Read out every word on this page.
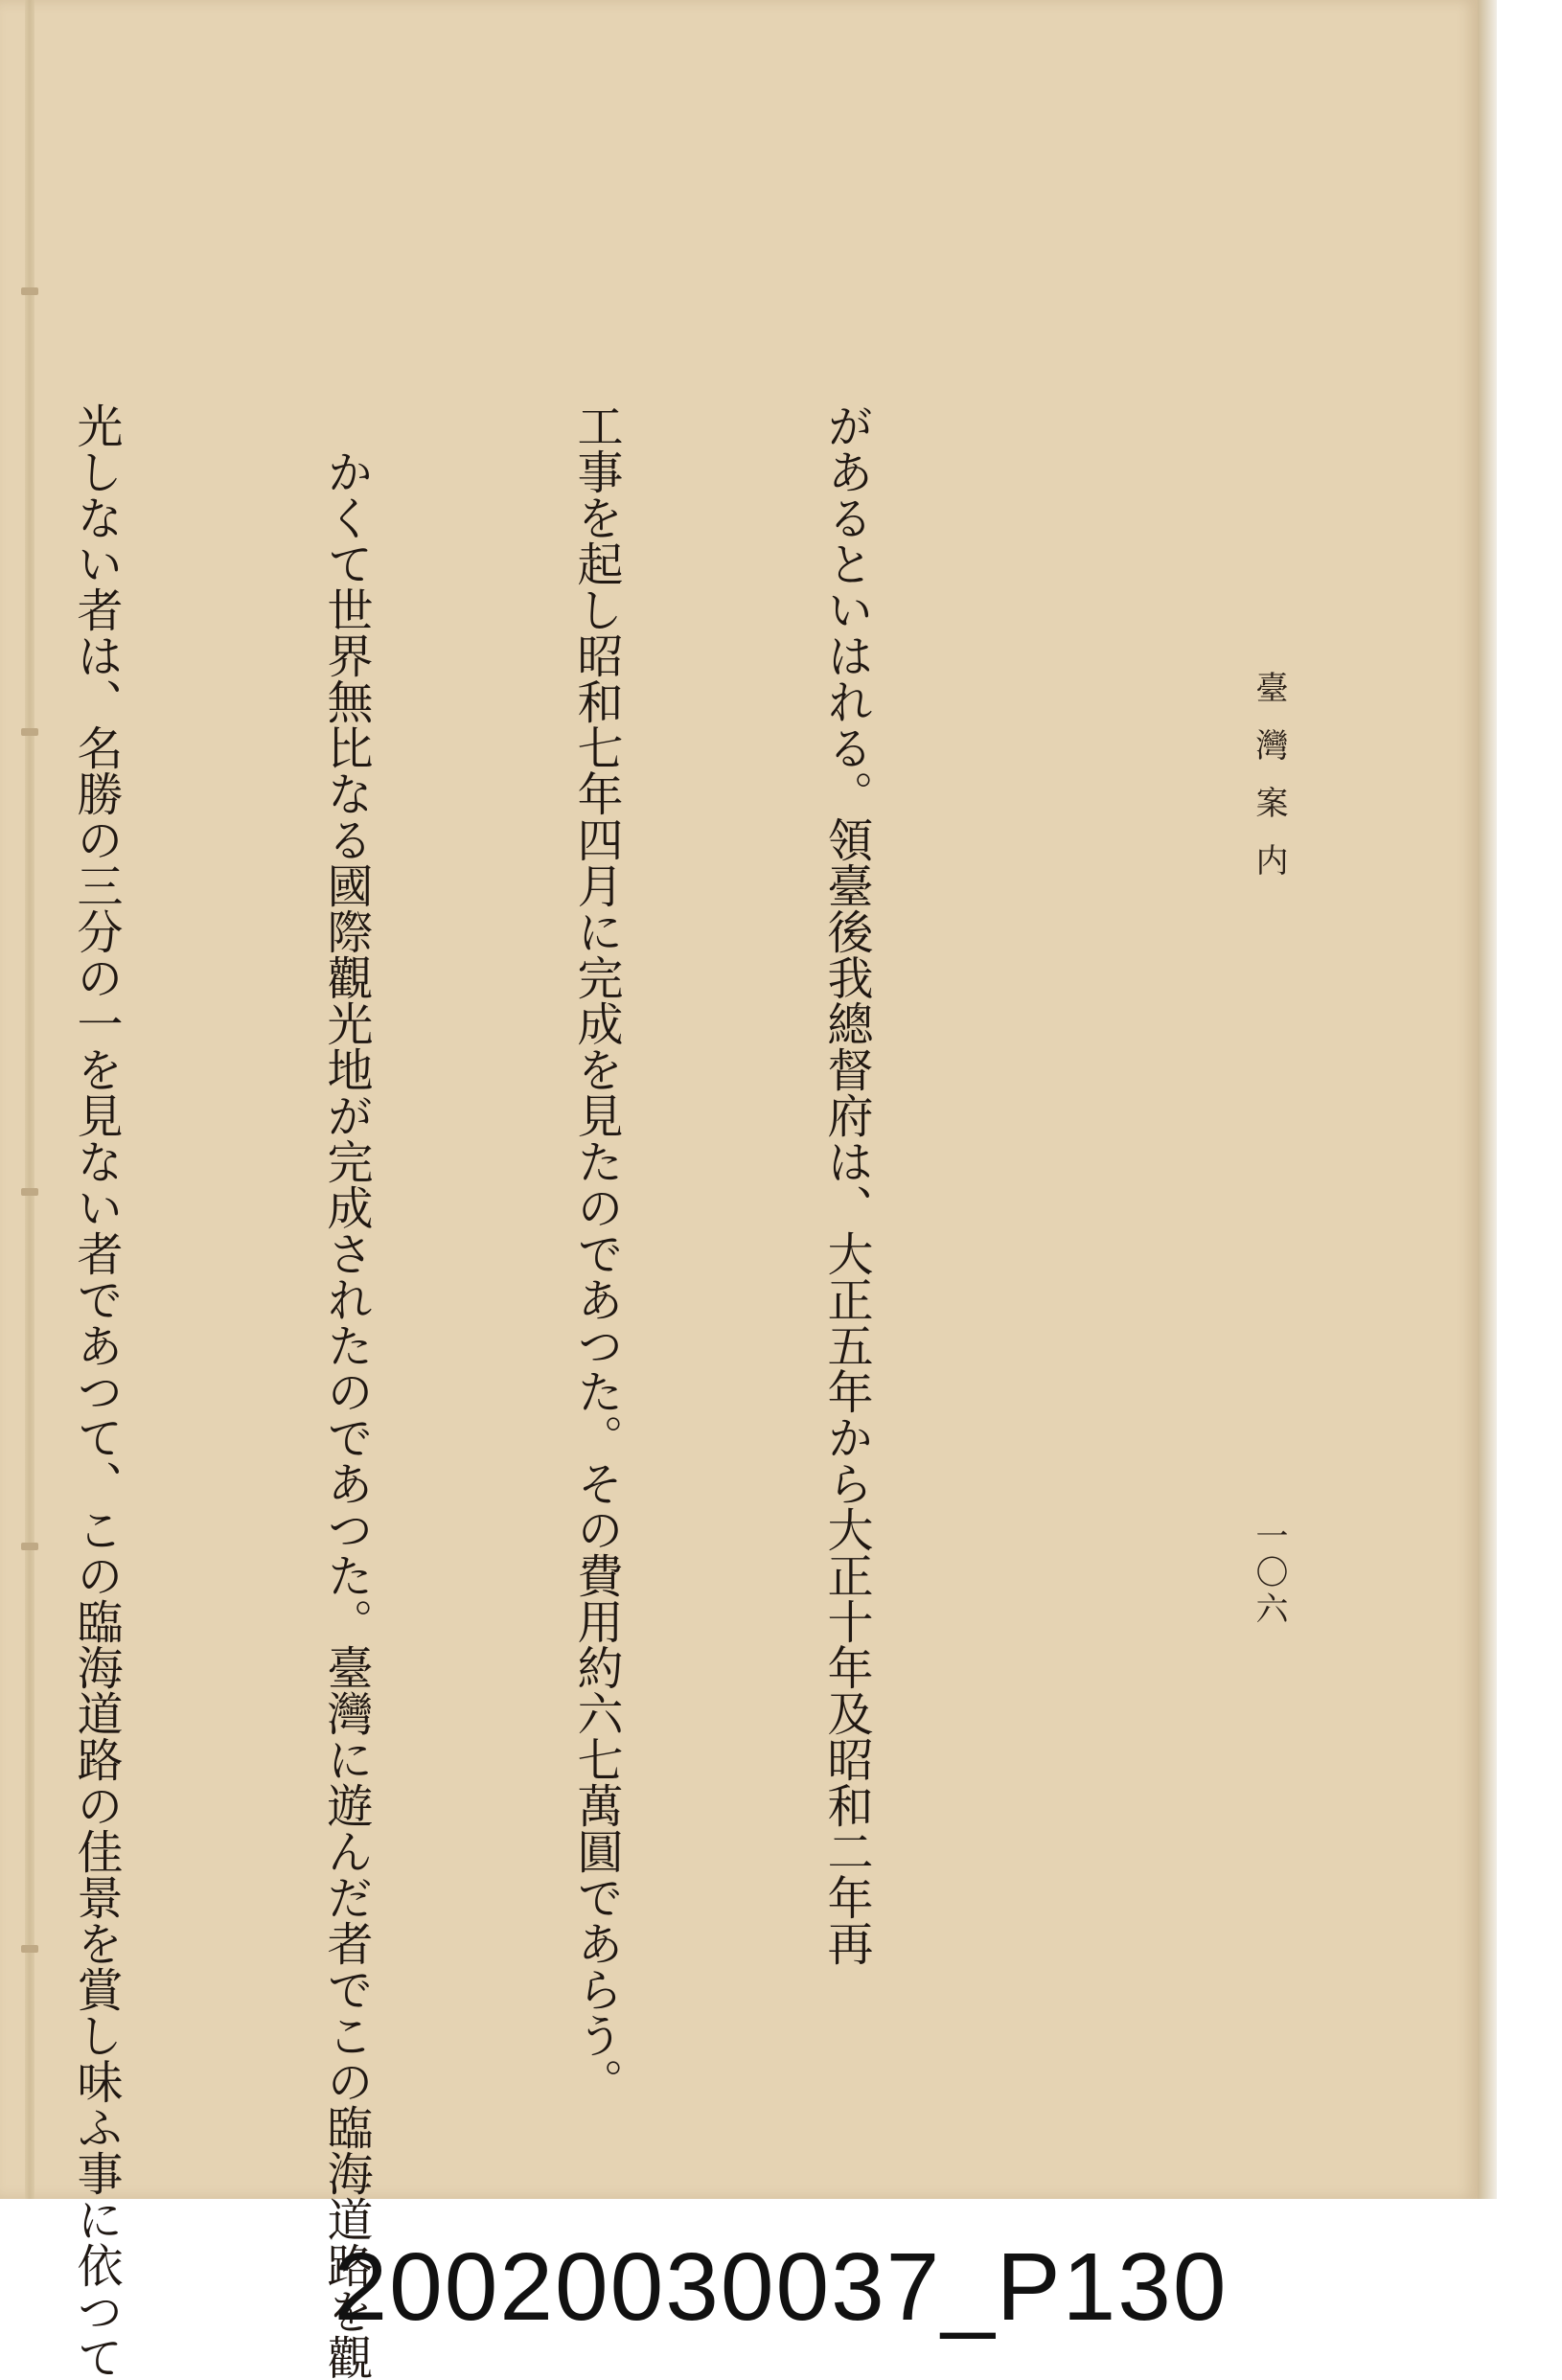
臺灣案内
一〇六

があるといはれる。領臺後我總督府は、大正五年から大正十年及昭和二年再

工事を起し昭和七年四月に完成を見たのであつた。その費用約六七萬圓であらう。

　かくて世界無比なる國際觀光地が完成されたのであつた。臺灣に遊んだ者でこの臨海道路を觀

光しない者は、名勝の三分の一を見ない者であつて、この臨海道路の佳景を賞し味ふ事に依つて

	20020030037_P130
